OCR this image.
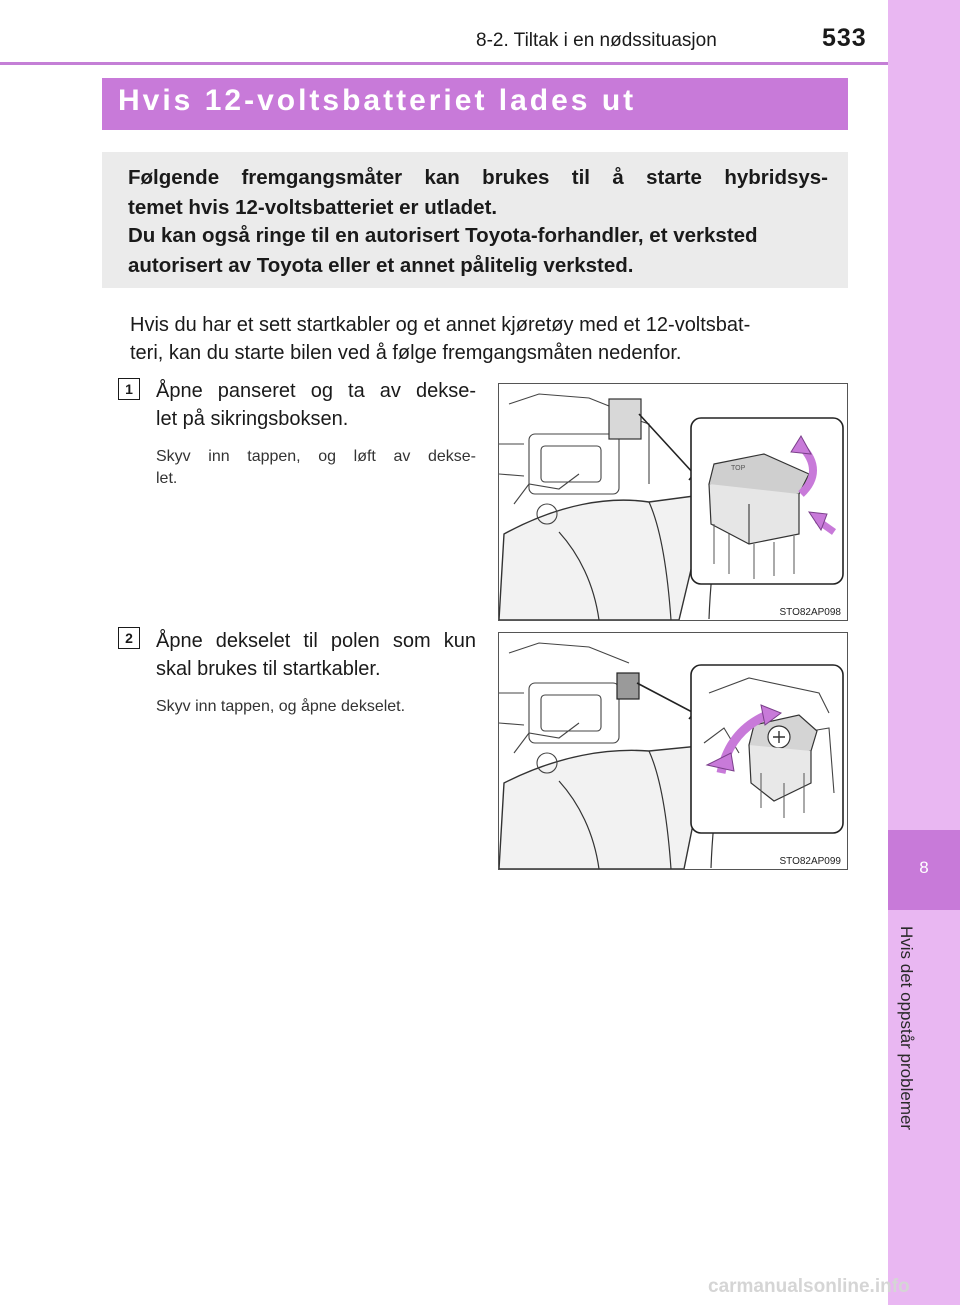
8-2. Tiltak i en nødssituasjon	533
8
Hvis det oppstår problemer
Hvis 12-voltsbatteriet lades ut
Følgende fremgangsmåter kan brukes til å starte hybridsys-
temet hvis 12-voltsbatteriet er utladet.
Du kan også ringe til en autorisert Toyota-forhandler, et verksted
autorisert av Toyota eller et annet pålitelig verksted.
Hvis du har et sett startkabler og et annet kjøretøy med et 12-voltsbat-
teri, kan du starte bilen ved å følge fremgangsmåten nedenfor.
1	Åpne panseret og ta av dekse-
let på sikringsboksen.
Skyv inn tappen, og løft av dekse-
let.
TOP
STO82AP098
2	Åpne dekselet til polen som kun
skal brukes til startkabler.
Skyv inn tappen, og åpne dekselet.
STO82AP099
carmanualsonline.info
